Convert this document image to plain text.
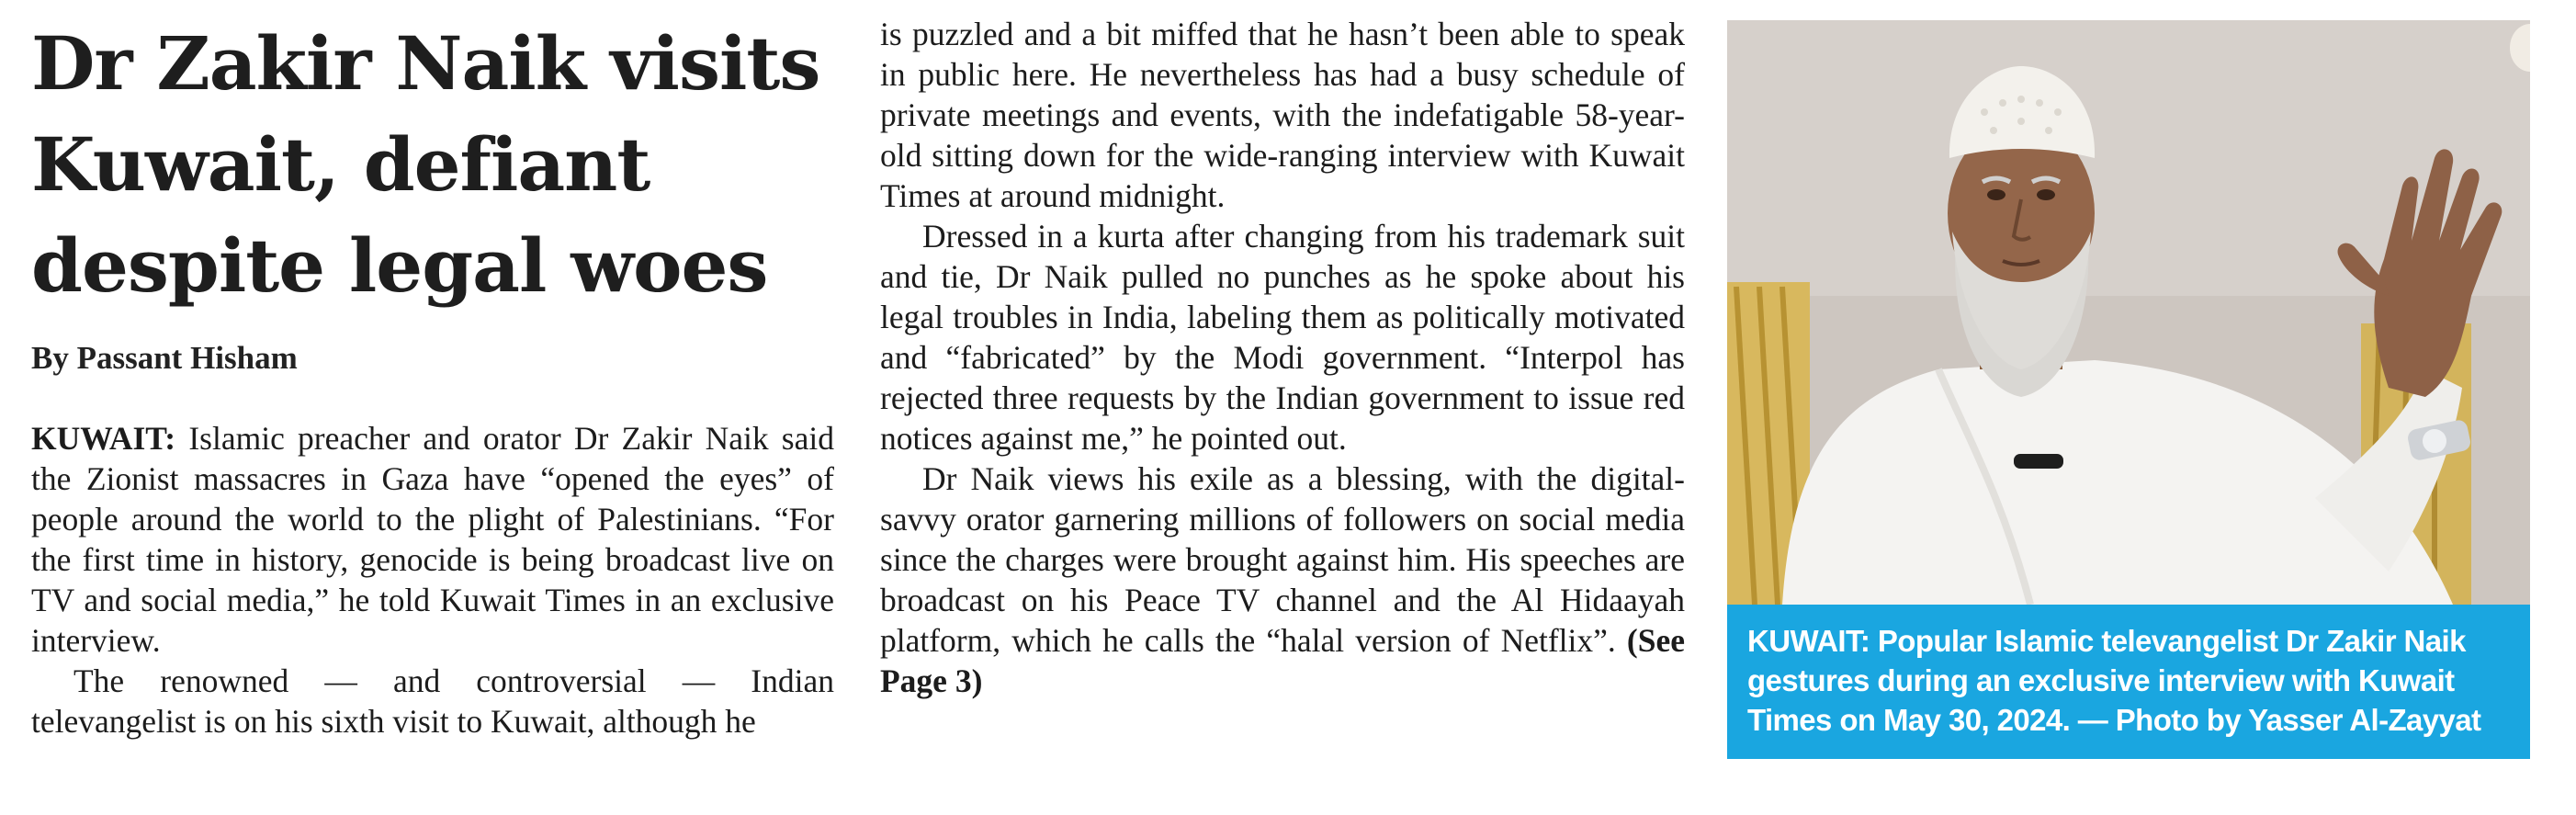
Dr Zakir Naik visits
Kuwait, defiant
despite legal woes
By Passant Hisham

KUWAIT: Islamic preacher and orator Dr Zakir Naik said the Zionist massacres in Gaza have “opened the eyes” of people around the world to the plight of Palestinians. “For the first time in history, genocide is being broadcast live on TV and social media,” he told Kuwait Times in an exclusive interview.

The renowned — and controversial — Indian televangelist is on his sixth visit to Kuwait, although he

is puzzled and a bit miffed that he hasn’t been able to speak in public here. He nevertheless has had a busy schedule of private meetings and events, with the indefatigable 58-year-old sitting down for the wide-ranging interview with Kuwait Times at around midnight.

Dressed in a kurta after changing from his trademark suit and tie, Dr Naik pulled no punches as he spoke about his legal troubles in India, labeling them as politically motivated and “fabricated” by the Modi government. “Interpol has rejected three requests by the Indian government to issue red notices against me,” he pointed out.

Dr Naik views his exile as a blessing, with the digital-savvy orator garnering millions of followers on social media since the charges were brought against him. His speeches are broadcast on his Peace TV channel and the Al Hidaayah platform, which he calls the “halal version of Netflix”. (See Page 3)

KUWAIT: Popular Islamic televangelist Dr Zakir Naik gestures during an exclusive interview with Kuwait Times on May 30, 2024. — Photo by Yasser Al-Zayyat
